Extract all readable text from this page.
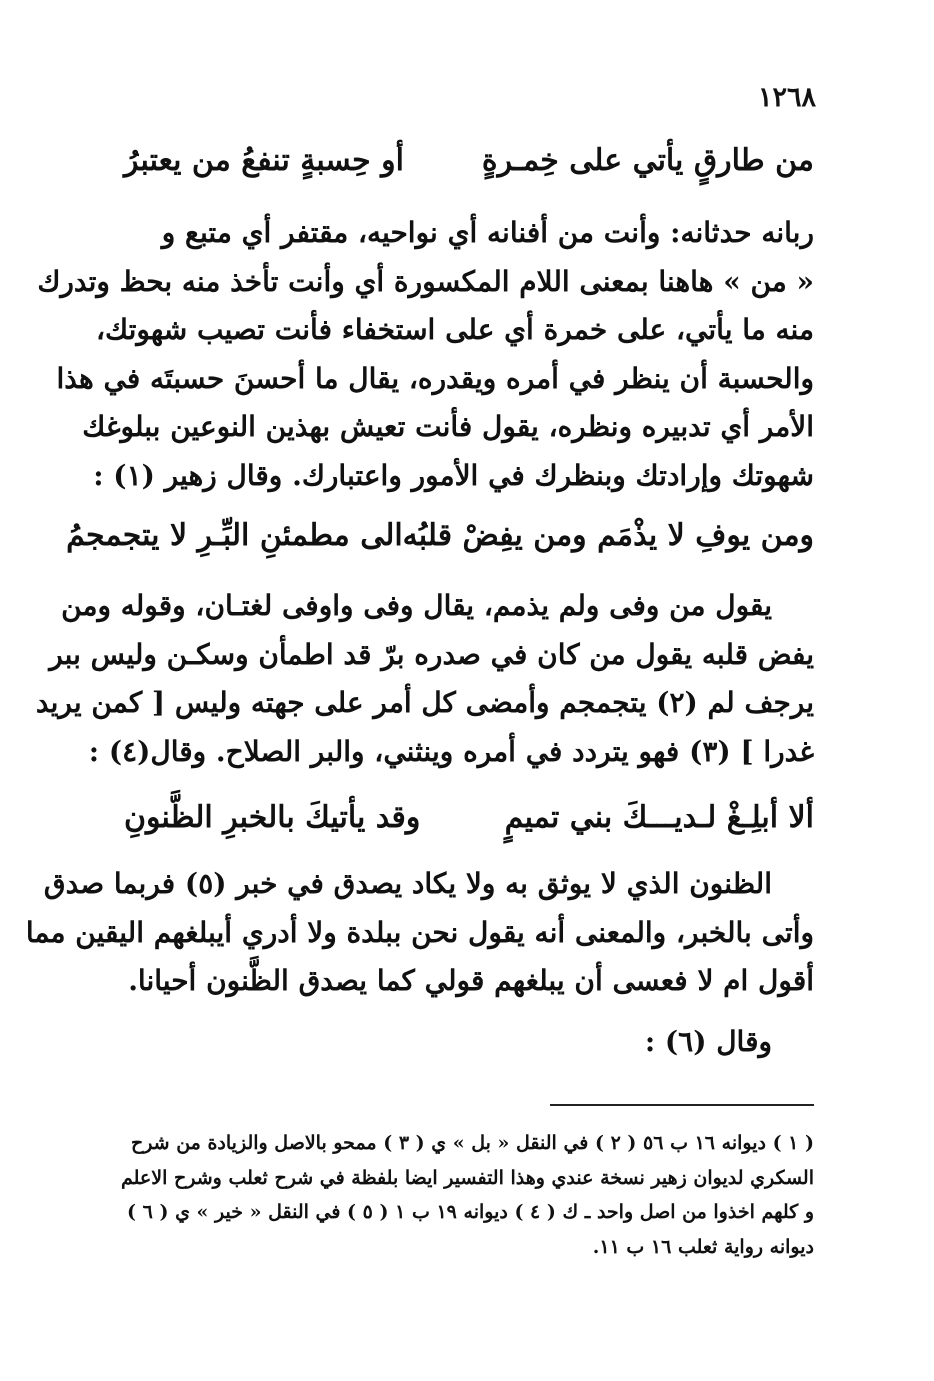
١٢٦٨
من طارقٍ يأتي على خِمـرةٍ
أو حِسبةٍ تنفعُ من يعتبرُ
ربانه حدثانه: وأنت من أفنانه أي نواحيه، مقتفر أي متبع و
« من » هاهنا بمعنى اللام المكسورة أي وأنت تأخذ منه بحظ وتدرك
منه ما يأتي، على خمرة أي على استخفاء فأنت تصيب شهوتك،
والحسبة أن ينظر في أمره ويقدره، يقال ما أحسنَ حسبتَه في هذا
الأمر أي تدبيره ونظره، يقول فأنت تعيش بهذين النوعين ببلوغك
شهوتك وإرادتك وبنظرك في الأمور واعتبارك. وقال زهير (١) :
ومن يوفِ لا يذْمَم ومن يفِضْ قلبُه
الى مطمئنِ البِّـرِ لا يتجمجمُ
يقول من وفى ولم يذمم، يقال وفى واوفى لغتـان، وقوله ومن
يفض قلبه يقول من كان في صدره برّ قد اطمأن وسكـن وليس ببر
يرجف لم (٢) يتجمجم وأمضى كل أمر على جهته وليس [ كمن يريد
غدرا ] (٣) فهو يتردد في أمره وينثني، والبر الصلاح. وقال(٤) :
ألا أبلِـغْ لـديـــكَ بني تميمٍ
وقد يأتيكَ بالخبرِ الظَّنونِ
الظنون الذي لا يوثق به ولا يكاد يصدق في خبر (٥) فربما صدق
وأتى بالخبر، والمعنى أنه يقول نحن ببلدة ولا أدري أيبلغهم اليقين مما
أقول ام لا فعسى أن يبلغهم قولي كما يصدق الظَّنون أحيانا.
وقال (٦) :
( ١ ) ديوانه ١٦ ب ٥٦ ( ٢ ) في النقل « بل » ي ( ٣ ) ممحو بالاصل والزيادة من شرح
السكري لديوان زهير نسخة عندي وهذا التفسير ايضا بلفظة في شرح ثعلب وشرح الاعلم
و كلهم اخذوا من اصل واحد ـ ك ( ٤ ) ديوانه ١٩ ب ١ ( ٥ ) في النقل « خير » ي ( ٦ )
ديوانه رواية ثعلب ١٦ ب ١١.
